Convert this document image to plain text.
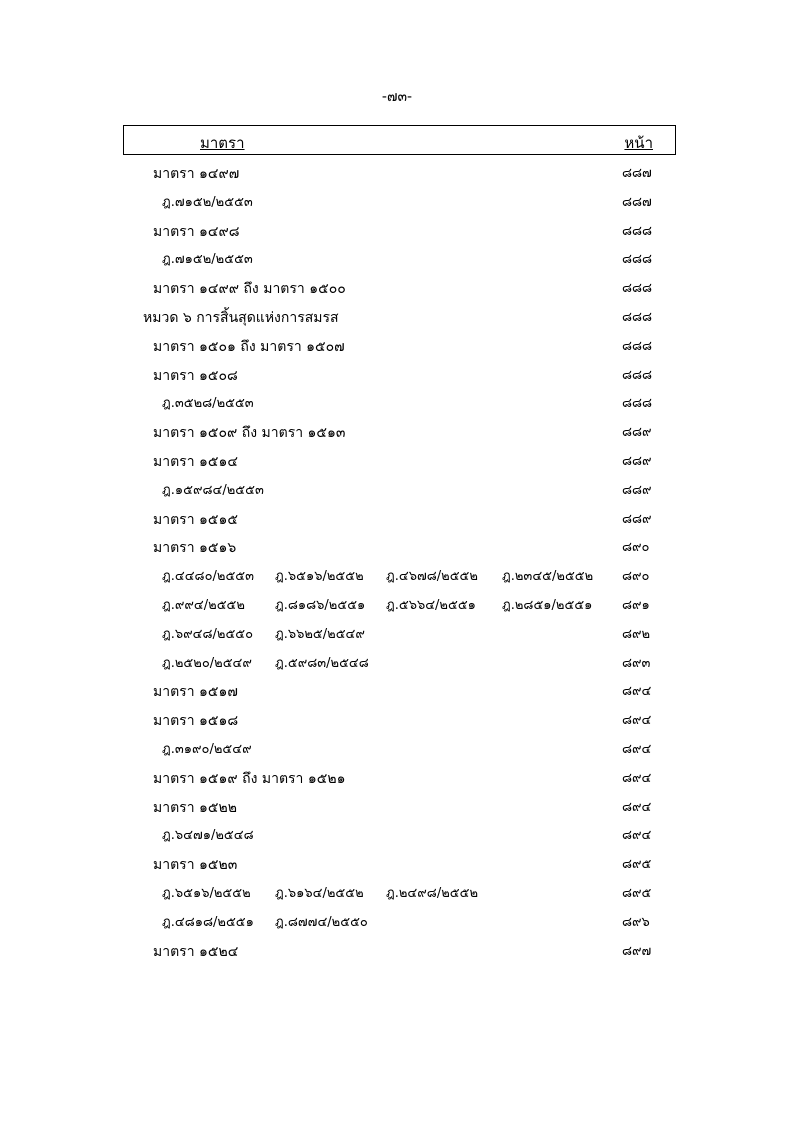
-๗๓-
มาตรา	หน้า
มาตรา ๑๔๙๗	๘๘๗
ฎ.๗๑๕๒/๒๕๕๓	๘๘๗
มาตรา ๑๔๙๘	๘๘๘
ฎ.๗๑๕๒/๒๕๕๓	๘๘๘
มาตรา ๑๔๙๙ ถึง มาตรา ๑๕๐๐	๘๘๘
หมวด ๖ การสิ้นสุดแห่งการสมรส	๘๘๘
มาตรา ๑๕๐๑ ถึง มาตรา ๑๕๐๗	๘๘๘
มาตรา ๑๕๐๘	๘๘๘
ฎ.๓๕๒๘/๒๕๕๓	๘๘๘
มาตรา ๑๕๐๙ ถึง มาตรา ๑๕๑๓	๘๘๙
มาตรา ๑๕๑๔	๘๘๙
ฎ.๑๕๙๘๔/๒๕๕๓	๘๘๙
มาตรา ๑๕๑๕	๘๘๙
มาตรา ๑๕๑๖	๘๙๐
ฎ.๔๔๘๐/๒๕๕๓ ฎ.๖๕๑๖/๒๕๕๒ ฎ.๔๖๗๘/๒๕๕๒ ฎ.๒๓๔๕/๒๕๕๒ ๘๙๐
ฎ.๙๙๔/๒๕๕๒ ฎ.๘๑๘๖/๒๕๕๑ ฎ.๕๖๖๔/๒๕๕๑ ฎ.๒๘๕๑/๒๕๕๑ ๘๙๑
ฎ.๖๙๔๘/๒๕๕๐ ฎ.๖๖๒๕/๒๕๔๙	๘๙๒
ฎ.๒๕๒๐/๒๕๔๙ ฎ.๕๙๘๓/๒๕๔๘	๘๙๓
มาตรา ๑๕๑๗	๘๙๔
มาตรา ๑๕๑๘	๘๙๔
ฎ.๓๑๙๐/๒๕๔๙	๘๙๔
มาตรา ๑๕๑๙ ถึง มาตรา ๑๕๒๑	๘๙๔
มาตรา ๑๕๒๒	๘๙๔
ฎ.๖๔๗๑/๒๕๔๘	๘๙๔
มาตรา ๑๕๒๓	๘๙๕
ฎ.๖๕๑๖/๒๕๕๒ ฎ.๖๑๖๔/๒๕๕๒ ฎ.๒๔๙๘/๒๕๕๒	๘๙๕
ฎ.๔๘๑๘/๒๕๕๑ ฎ.๘๗๗๔/๒๕๕๐	๘๙๖
มาตรา ๑๕๒๔	๘๙๗
